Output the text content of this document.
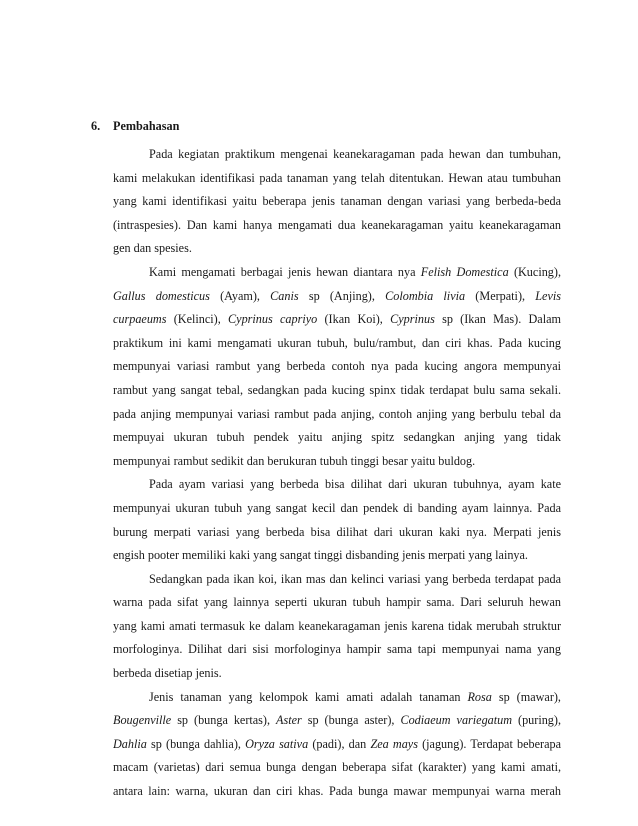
6. Pembahasan
Pada kegiatan praktikum mengenai keanekaragaman pada hewan dan tumbuhan,
kami melakukan identifikasi pada tanaman yang telah ditentukan. Hewan atau tumbuhan
yang kami identifikasi yaitu beberapa jenis tanaman dengan variasi yang berbeda-beda
(intraspesies). Dan kami hanya mengamati dua keanekaragaman yaitu keanekaragaman
gen dan spesies.
Kami mengamati berbagai jenis hewan diantara nya Felish Domestica (Kucing),
Gallus domesticus (Ayam), Canis sp (Anjing), Colombia livia (Merpati), Levis
curpaeums (Kelinci), Cyprinus capriyo (Ikan Koi), Cyprinus sp (Ikan Mas). Dalam
praktikum ini kami mengamati ukuran tubuh, bulu/rambut, dan ciri khas. Pada kucing
mempunyai variasi rambut yang berbeda contoh nya pada kucing angora mempunyai
rambut yang sangat tebal, sedangkan pada kucing spinx tidak terdapat bulu sama sekali.
pada anjing mempunyai variasi rambut pada anjing, contoh anjing yang berbulu tebal da
mempuyai ukuran tubuh pendek yaitu anjing spitz sedangkan anjing yang tidak
mempunyai rambut sedikit dan berukuran tubuh tinggi besar yaitu buldog.
Pada ayam variasi yang berbeda bisa dilihat dari ukuran tubuhnya, ayam kate
mempunyai ukuran tubuh yang sangat kecil dan pendek di banding ayam lainnya. Pada
burung merpati variasi yang berbeda bisa dilihat dari ukuran kaki nya. Merpati jenis
engish pooter memiliki kaki yang sangat tinggi disbanding jenis merpati yang lainya.
Sedangkan pada ikan koi, ikan mas dan kelinci variasi yang berbeda terdapat pada
warna pada sifat yang lainnya seperti ukuran tubuh hampir sama. Dari seluruh hewan
yang kami amati termasuk ke dalam keanekaragaman jenis karena tidak merubah struktur
morfologinya. Dilihat dari sisi morfologinya hampir sama tapi mempunyai nama yang
berbeda disetiap jenis.
Jenis tanaman yang kelompok kami amati adalah tanaman Rosa sp (mawar),
Bougenville sp (bunga kertas), Aster sp (bunga aster), Codiaeum variegatum (puring),
Dahlia sp (bunga dahlia), Oryza sativa (padi), dan Zea mays (jagung). Terdapat beberapa
macam (varietas) dari semua bunga dengan beberapa sifat (karakter) yang kami amati,
antara lain: warna, ukuran dan ciri khas. Pada bunga mawar mempunyai warna merah
